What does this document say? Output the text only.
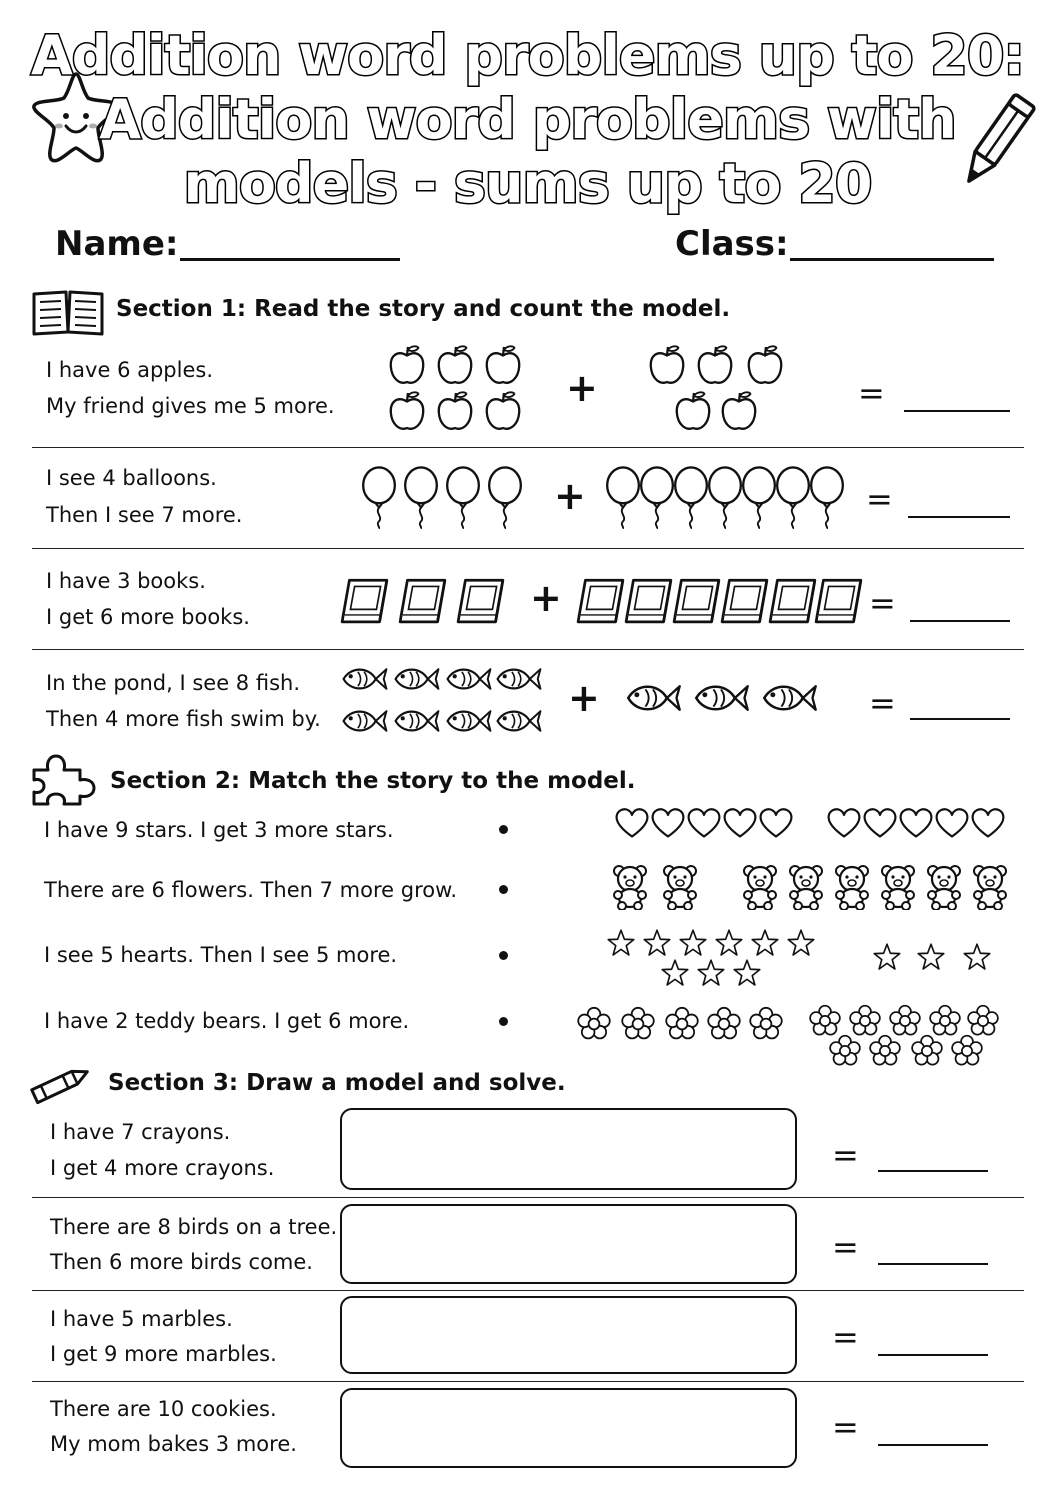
Addition word problems up to 20:
Addition word problems with
models - sums up to 20
Name:	Class:
Section 1: Read the story and count the model.
I have 6 apples.
My friend gives me 5 more.	+	=
I see 4 balloons.
Then I see 7 more.	+	=
I have 3 books.
I get 6 more books.	+	=
In the pond, I see 8 fish.
Then 4 more fish swim by.	+	=
Section 2: Match the story to the model.
I have 9 stars. I get 3 more stars.
There are 6 flowers. Then 7 more grow.
I see 5 hearts. Then I see 5 more.
I have 2 teddy bears. I get 6 more.
Section 3: Draw a model and solve.
I have 7 crayons.
I get 4 more crayons.	=
There are 8 birds on a tree.
Then 6 more birds come.	=
I have 5 marbles.
I get 9 more marbles.	=
There are 10 cookies.
My mom bakes 3 more.	=
